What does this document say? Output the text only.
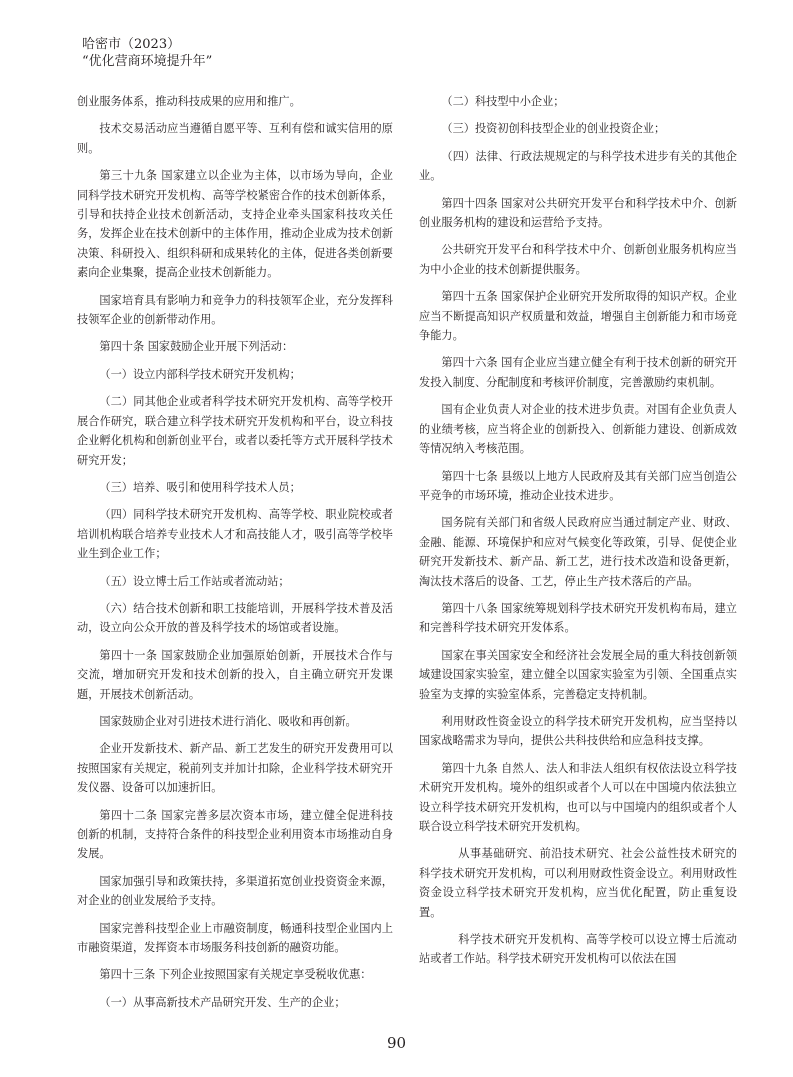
哈密市（2023）
“优化营商环境提升年”

创业服务体系，推动科技成果的应用和推广。

技术交易活动应当遵循自愿平等、互利有偿和诚实信用的原则。

第三十九条 国家建立以企业为主体，以市场为导向，企业同科学技术研究开发机构、高等学校紧密合作的技术创新体系，引导和扶持企业技术创新活动，支持企业牵头国家科技攻关任务，发挥企业在技术创新中的主体作用，推动企业成为技术创新决策、科研投入、组织科研和成果转化的主体，促进各类创新要素向企业集聚，提高企业技术创新能力。

国家培育具有影响力和竞争力的科技领军企业，充分发挥科技领军企业的创新带动作用。

第四十条 国家鼓励企业开展下列活动：

（一）设立内部科学技术研究开发机构；

（二）同其他企业或者科学技术研究开发机构、高等学校开展合作研究，联合建立科学技术研究开发机构和平台，设立科技企业孵化机构和创新创业平台，或者以委托等方式开展科学技术研究开发；

（三）培养、吸引和使用科学技术人员；

（四）同科学技术研究开发机构、高等学校、职业院校或者培训机构联合培养专业技术人才和高技能人才，吸引高等学校毕业生到企业工作；

（五）设立博士后工作站或者流动站；

（六）结合技术创新和职工技能培训，开展科学技术普及活动，设立向公众开放的普及科学技术的场馆或者设施。

第四十一条 国家鼓励企业加强原始创新，开展技术合作与交流，增加研究开发和技术创新的投入，自主确立研究开发课题，开展技术创新活动。

国家鼓励企业对引进技术进行消化、吸收和再创新。

企业开发新技术、新产品、新工艺发生的研究开发费用可以按照国家有关规定，税前列支并加计扣除，企业科学技术研究开发仪器、设备可以加速折旧。

第四十二条 国家完善多层次资本市场，建立健全促进科技创新的机制，支持符合条件的科技型企业利用资本市场推动自身发展。

国家加强引导和政策扶持，多渠道拓宽创业投资资金来源，对企业的创业发展给予支持。

国家完善科技型企业上市融资制度，畅通科技型企业国内上市融资渠道，发挥资本市场服务科技创新的融资功能。

第四十三条 下列企业按照国家有关规定享受税收优惠：

（一）从事高新技术产品研究开发、生产的企业；

（二）科技型中小企业；

（三）投资初创科技型企业的创业投资企业；

（四）法律、行政法规规定的与科学技术进步有关的其他企业。

第四十四条 国家对公共研究开发平台和科学技术中介、创新创业服务机构的建设和运营给予支持。

公共研究开发平台和科学技术中介、创新创业服务机构应当为中小企业的技术创新提供服务。

第四十五条 国家保护企业研究开发所取得的知识产权。企业应当不断提高知识产权质量和效益，增强自主创新能力和市场竞争能力。

第四十六条 国有企业应当建立健全有利于技术创新的研究开发投入制度、分配制度和考核评价制度，完善激励约束机制。

国有企业负责人对企业的技术进步负责。对国有企业负责人的业绩考核，应当将企业的创新投入、创新能力建设、创新成效等情况纳入考核范围。

第四十七条 县级以上地方人民政府及其有关部门应当创造公平竞争的市场环境，推动企业技术进步。

国务院有关部门和省级人民政府应当通过制定产业、财政、金融、能源、环境保护和应对气候变化等政策，引导、促使企业研究开发新技术、新产品、新工艺，进行技术改造和设备更新，淘汰技术落后的设备、工艺，停止生产技术落后的产品。

第四十八条 国家统筹规划科学技术研究开发机构布局，建立和完善科学技术研究开发体系。

国家在事关国家安全和经济社会发展全局的重大科技创新领域建设国家实验室，建立健全以国家实验室为引领、全国重点实验室为支撑的实验室体系，完善稳定支持机制。

利用财政性资金设立的科学技术研究开发机构，应当坚持以国家战略需求为导向，提供公共科技供给和应急科技支撑。

第四十九条 自然人、法人和非法人组织有权依法设立科学技术研究开发机构。境外的组织或者个人可以在中国境内依法独立设立科学技术研究开发机构，也可以与中国境内的组织或者个人联合设立科学技术研究开发机构。

从事基础研究、前沿技术研究、社会公益性技术研究的科学技术研究开发机构，可以利用财政性资金设立。利用财政性资金设立科学技术研究开发机构，应当优化配置，防止重复设置。

科学技术研究开发机构、高等学校可以设立博士后流动站或者工作站。科学技术研究开发机构可以依法在国

90
